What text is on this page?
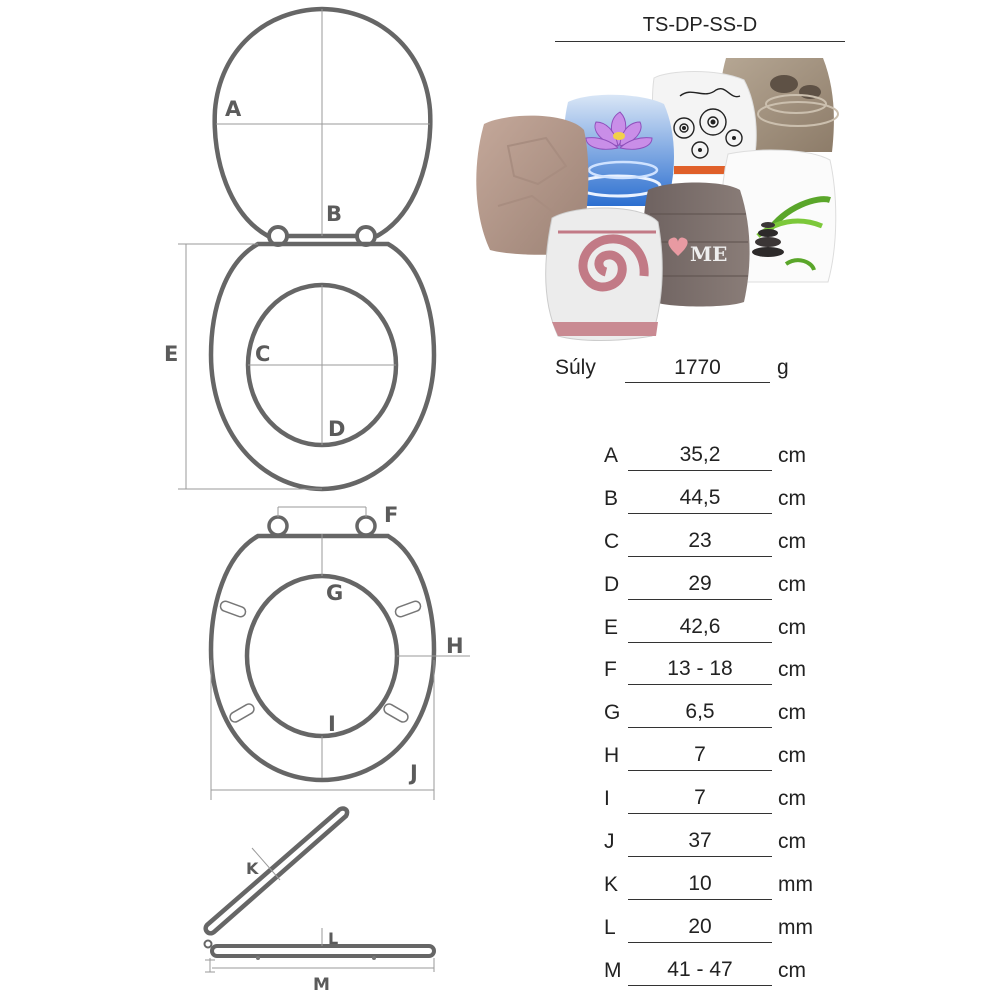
A
B
C
D
E
F
G
H
I
J
K
L
M
TS-DP-SS-D
ME
Súly	1770	g
A	35,2	cm
B	44,5	cm
C	23	cm
D	29	cm
E	42,6	cm
F	13 - 18	cm
G	6,5	cm
H	7	cm
I	7	cm
J	37	cm
K	10	mm
L	20	mm
M	41 - 47	cm
